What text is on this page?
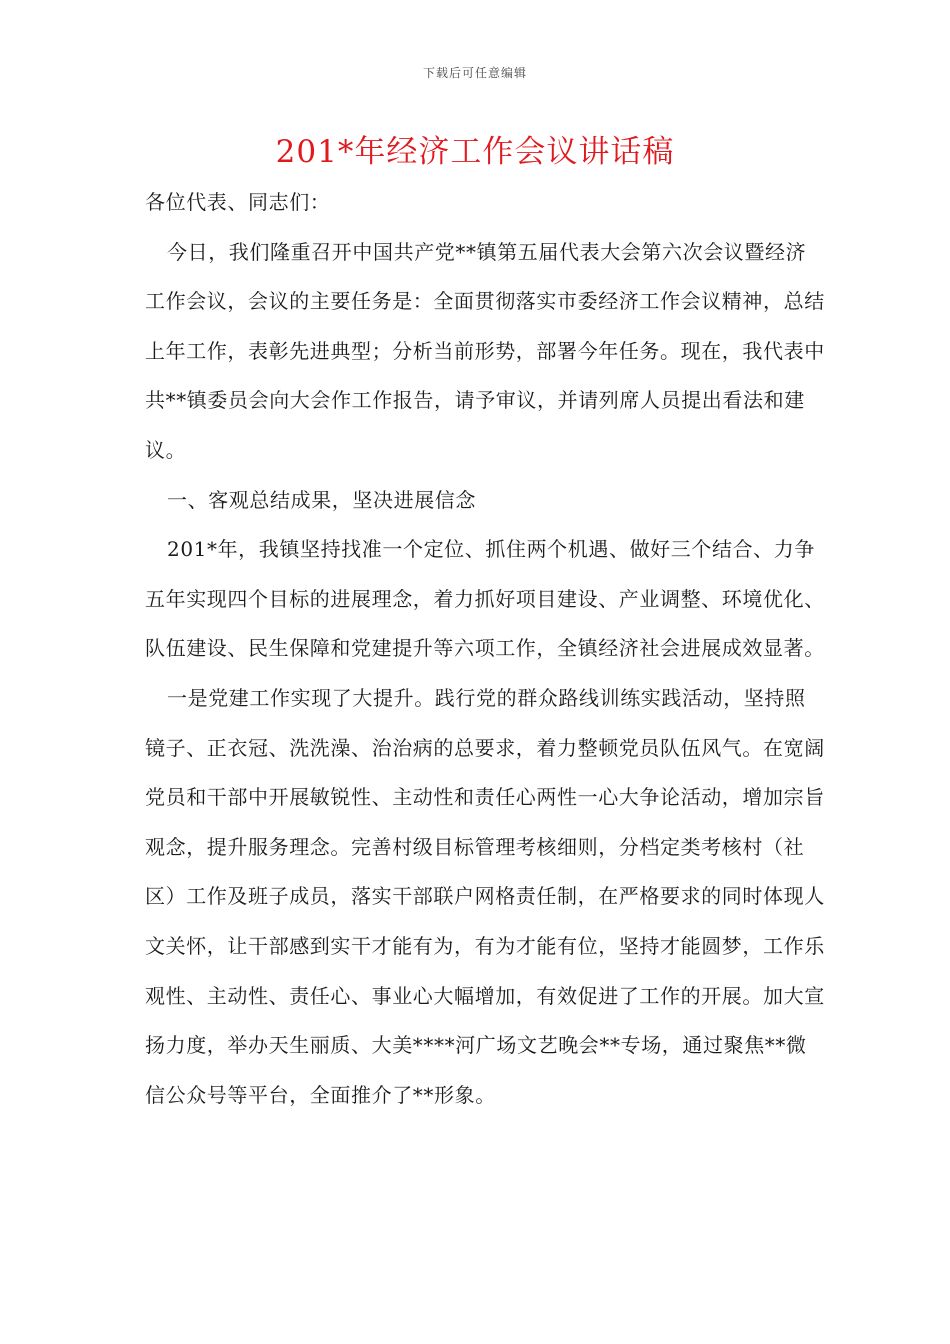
下载后可任意编辑
201*年经济工作会议讲话稿

各位代表、同志们：

今日，我们隆重召开中国共产党**镇第五届代表大会第六次会议暨经济工作会议，会议的主要任务是：全面贯彻落实市委经济工作会议精神，总结上年工作，表彰先进典型；分析当前形势，部署今年任务。现在，我代表中共**镇委员会向大会作工作报告，请予审议，并请列席人员提出看法和建议。

一、客观总结成果，坚决进展信念

201*年，我镇坚持找准一个定位、抓住两个机遇、做好三个结合、力争五年实现四个目标的进展理念，着力抓好项目建设、产业调整、环境优化、队伍建设、民生保障和党建提升等六项工作，全镇经济社会进展成效显著。

一是党建工作实现了大提升。践行党的群众路线训练实践活动，坚持照镜子、正衣冠、洗洗澡、治治病的总要求，着力整顿党员队伍风气。在宽阔党员和干部中开展敏锐性、主动性和责任心两性一心大争论活动，增加宗旨观念，提升服务理念。完善村级目标管理考核细则，分档定类考核村（社区）工作及班子成员，落实干部联户网格责任制，在严格要求的同时体现人文关怀，让干部感到实干才能有为，有为才能有位，坚持才能圆梦，工作乐观性、主动性、责任心、事业心大幅增加，有效促进了工作的开展。加大宣扬力度，举办天生丽质、大美****河广场文艺晚会**专场，通过聚焦**微信公众号等平台，全面推介了**形象。
